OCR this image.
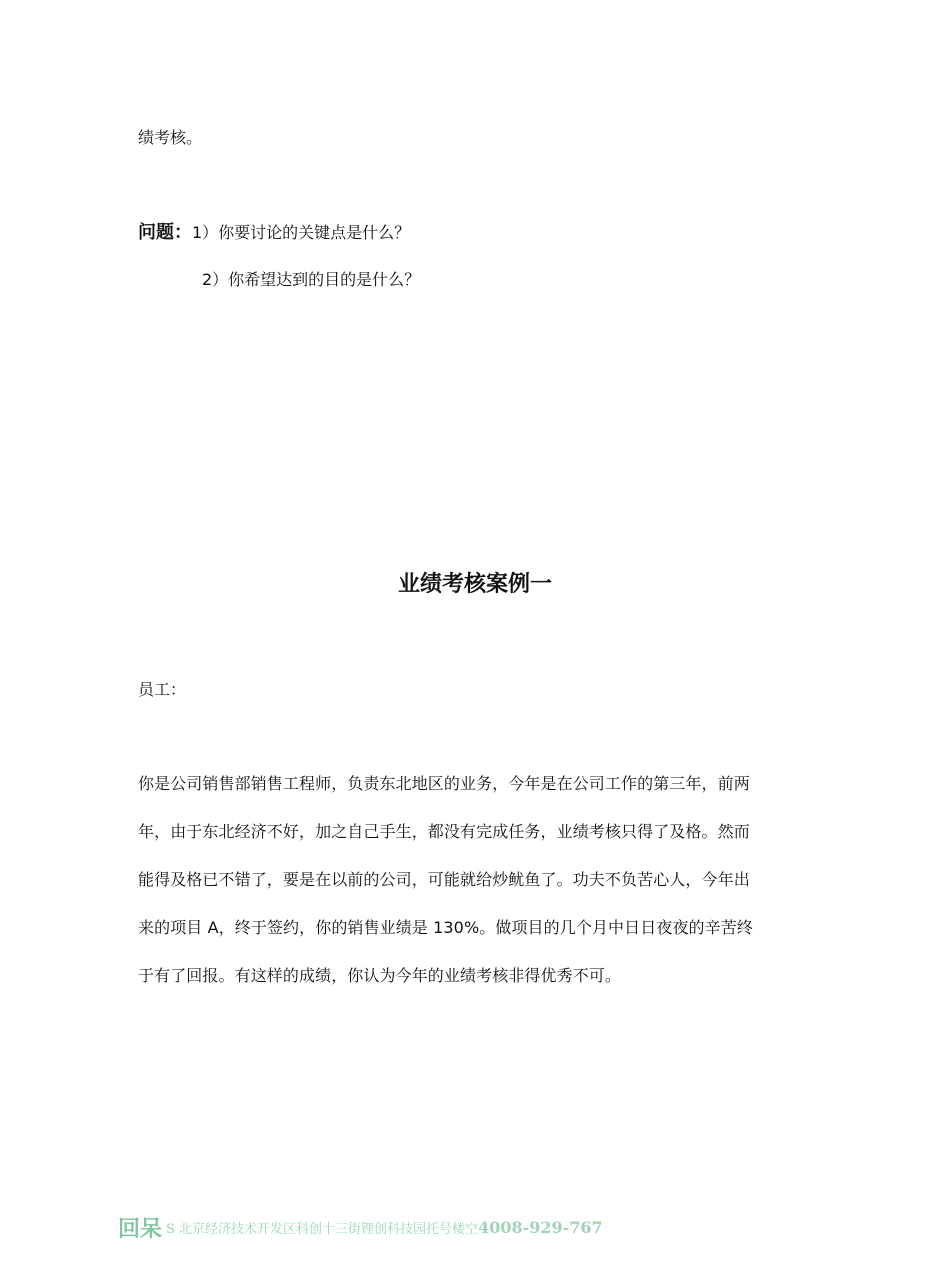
绩考核。
问题：1）你要讨论的关键点是什么？
2）你希望达到的目的是什么？
业绩考核案例一
员工：
你是公司销售部销售工程师，负责东北地区的业务，今年是在公司工作的第三年，前两
年，由于东北经济不好，加之自己手生，都没有完成任务，业绩考核只得了及格。然而
能得及格已不错了，要是在以前的公司，可能就给炒鱿鱼了。功夫不负苦心人，今年出
来的项目 A，终于签约，你的销售业绩是 130%。做项目的几个月中日日夜夜的辛苦终
于有了回报。有这样的成绩，你认为今年的业绩考核非得优秀不可。
回呆 S 北京经济技术开发区科创十三街锂创科技园托号楼空4008-929-767
